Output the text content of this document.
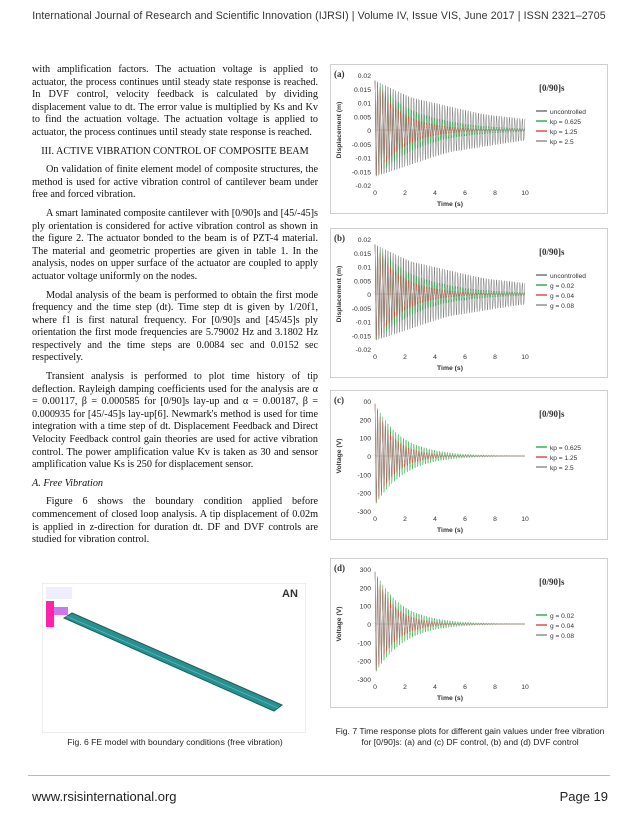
International Journal of Research and Scientific Innovation (IJRSI) | Volume IV, Issue VIS, June 2017 | ISSN 2321–2705

with amplification factors. The actuation voltage is applied to actuator, the process continues until steady state response is reached. In DVF control, velocity feedback is calculated by dividing displacement value to dt. The error value is multiplied by Ks and Kv to find the actuation voltage. The actuation voltage is applied to actuator, the process continues until steady state response is reached.

III. ACTIVE VIBRATION CONTROL OF COMPOSITE BEAM

On validation of finite element model of composite structures, the method is used for active vibration control of cantilever beam under free and forced vibration.

A smart laminated composite cantilever with [0/90]s and [45/-45]s ply orientation is considered for active vibration control as shown in the figure 2. The actuator bonded to the beam is of PZT-4 material. The material and geometric properties are given in table 1. In the analysis, nodes on upper surface of the actuator are coupled to apply actuator voltage uniformly on the nodes.

Modal analysis of the beam is performed to obtain the first mode frequency and the time step (dt). Time step dt is given by 1/20f1, where f1 is first natural frequency. For [0/90]s and [45/45]s ply orientation the first mode frequencies are 5.79002 Hz and 3.1802 Hz respectively and the time steps are 0.0084 sec and 0.0152 sec respectively.

Transient analysis is performed to plot time history of tip deflection. Rayleigh damping coefficients used for the analysis are α = 0.00117, β = 0.000585 for [0/90]s lay-up and α = 0.00187, β = 0.000935 for [45/-45]s lay-up[6]. Newmark's method is used for time integration with a time step of dt. Displacement Feedback and Direct Velocity Feedback control gain theories are used for active vibration control. The power amplification value Kv is taken as 30 and sensor amplification value Ks is 250 for displacement sensor.

A. Free Vibration

Figure 6 shows the boundary condition applied before commencement of closed loop analysis. A tip displacement of 0.02m is applied in z-direction for duration dt. DF and DVF controls are studied for vibration control.

AN
Fig. 6 FE model with boundary conditions (free vibration)
(a)
[0/90]s
0.02
0.015
0.01
0.005
0
-0.005
-0.01
-0.015
-0.02
0	2	4	6	8	10
Time (s)
Displacement (m)	uncontrolled
kp = 0.625
kp = 1.25
kp = 2.5
(b)
[0/90]s
0.02
0.015
0.01
0.005
0
-0.005
-0.01
-0.015
-0.02
0	2	4	6	8	10
Time (s)
Displacement (m)	uncontrolled
g = 0.02
g = 0.04
g = 0.08
(c)
[0/90]s
00
200
100
0
-100
-200
-300
0	2	4	6	8	10
Time (s)
Voltage (V)	kp = 0.625
kp = 1.25
kp = 2.5
(d)
[0/90]s
300
200
100
0
-100
-200
-300
0	2	4	6	8	10
Time (s)
Voltage (V)	g = 0.02
g = 0.04
g = 0.08
Fig. 7 Time response plots for different gain values under free vibration for [0/90]s: (a) and (c) DF control, (b) and (d) DVF control
www.rsisinternational.org	Page 19
